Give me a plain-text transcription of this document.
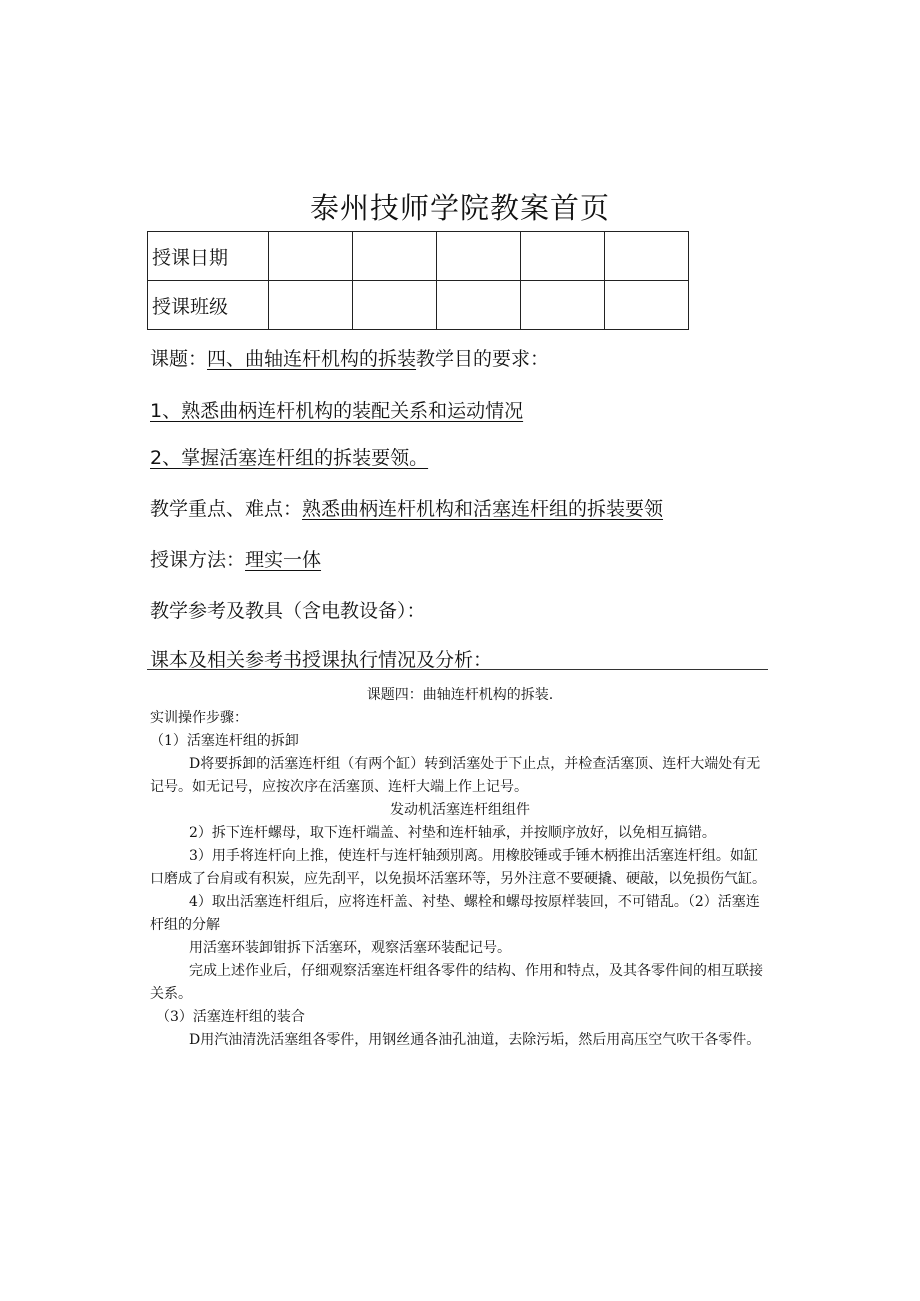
泰州技师学院教案首页
授课日期					
授课班级					
课题：四、曲轴连杆机构的拆装教学目的要求：
1、熟悉曲柄连杆机构的装配关系和运动情况
2、掌握活塞连杆组的拆装要领。
教学重点、难点：熟悉曲柄连杆机构和活塞连杆组的拆装要领
授课方法：理实一体
教学参考及教具（含电教设备）：
课本及相关参考书授课执行情况及分析：

课题四：曲轴连杆机构的拆装.

实训操作步骤：

（1）活塞连杆组的拆卸

D将要拆卸的活塞连杆组（有两个缸）转到活塞处于下止点，并检查活塞顶、连杆大端处有无记号。如无记号，应按次序在活塞顶、连杆大端上作上记号。

发动机活塞连杆组组件

2）拆下连杆螺母，取下连杆端盖、衬垫和连杆轴承，并按顺序放好，以免相互搞错。

3）用手将连杆向上推，使连杆与连杆轴颈別离。用橡胶锤或手锤木柄推出活塞连杆组。如缸口磨成了台肩或有积炭，应先刮平，以免损坏活塞环等，另外注意不要硬撬、硬敲，以免损伤气缸。

4）取出活塞连杆组后，应将连杆盖、衬垫、螺栓和螺母按原样装回，不可错乱。（2）活塞连杆组的分解

用活塞环装卸钳拆下活塞环，观察活塞环装配记号。

完成上述作业后，仔细观察活塞连杆组各零件的结构、作用和特点，及其各零件间的相互联接关系。

（3）活塞连杆组的装合

D用汽油清洗活塞组各零件，用钢丝通各油孔油道，去除污垢，然后用高压空气吹干各零件。
